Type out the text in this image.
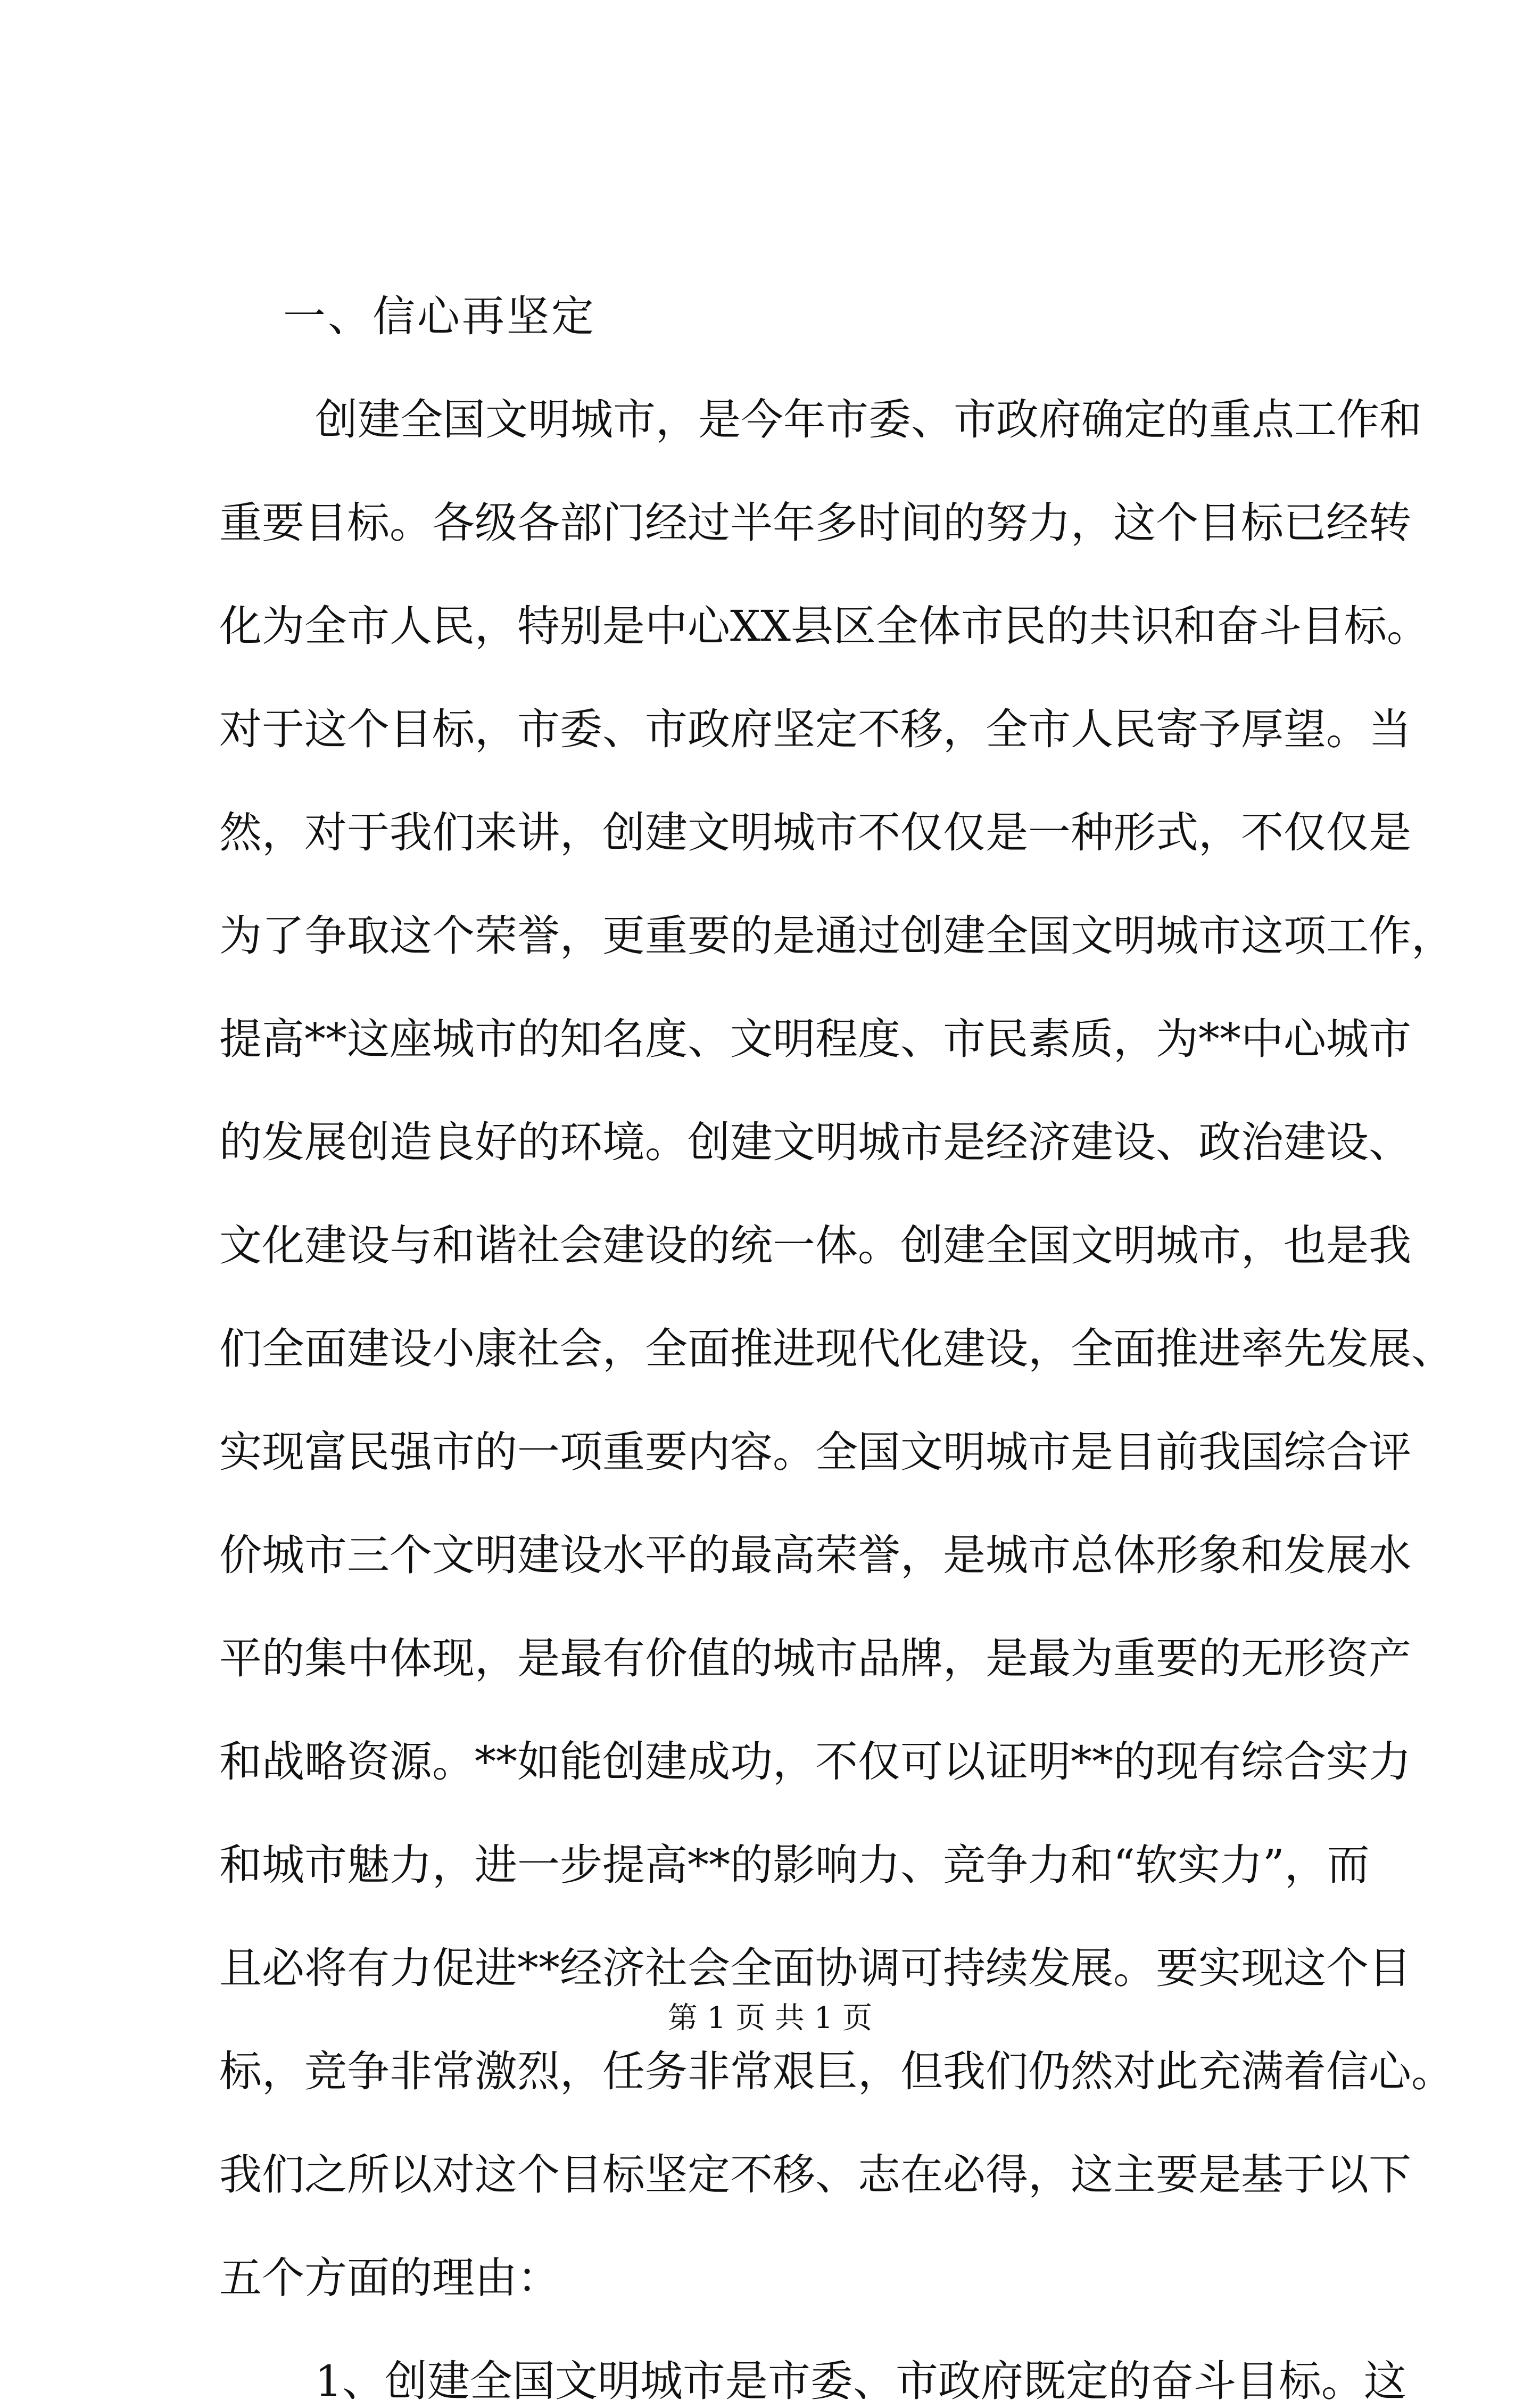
一、信心再坚定
创建全国文明城市，是今年市委、市政府确定的重点工作和
重要目标。各级各部门经过半年多时间的努力，这个目标已经转
化为全市人民，特别是中心XX县区全体市民的共识和奋斗目标。
对于这个目标，市委、市政府坚定不移，全市人民寄予厚望。当
然，对于我们来讲，创建文明城市不仅仅是一种形式，不仅仅是
为了争取这个荣誉，更重要的是通过创建全国文明城市这项工作，
提高**这座城市的知名度、文明程度、市民素质，为**中心城市
的发展创造良好的环境。创建文明城市是经济建设、政治建设、
文化建设与和谐社会建设的统一体。创建全国文明城市，也是我
们全面建设小康社会，全面推进现代化建设，全面推进率先发展、
实现富民强市的一项重要内容。全国文明城市是目前我国综合评
价城市三个文明建设水平的最高荣誉，是城市总体形象和发展水
平的集中体现，是最有价值的城市品牌，是最为重要的无形资产
和战略资源。**如能创建成功，不仅可以证明**的现有综合实力
和城市魅力，进一步提高**的影响力、竞争力和“软实力”，而
且必将有力促进**经济社会全面协调可持续发展。要实现这个目
标，竞争非常激烈，任务非常艰巨，但我们仍然对此充满着信心。
我们之所以对这个目标坚定不移、志在必得，这主要是基于以下
五个方面的理由：
1、创建全国文明城市是市委、市政府既定的奋斗目标。这
第 1 页 共 1 页
